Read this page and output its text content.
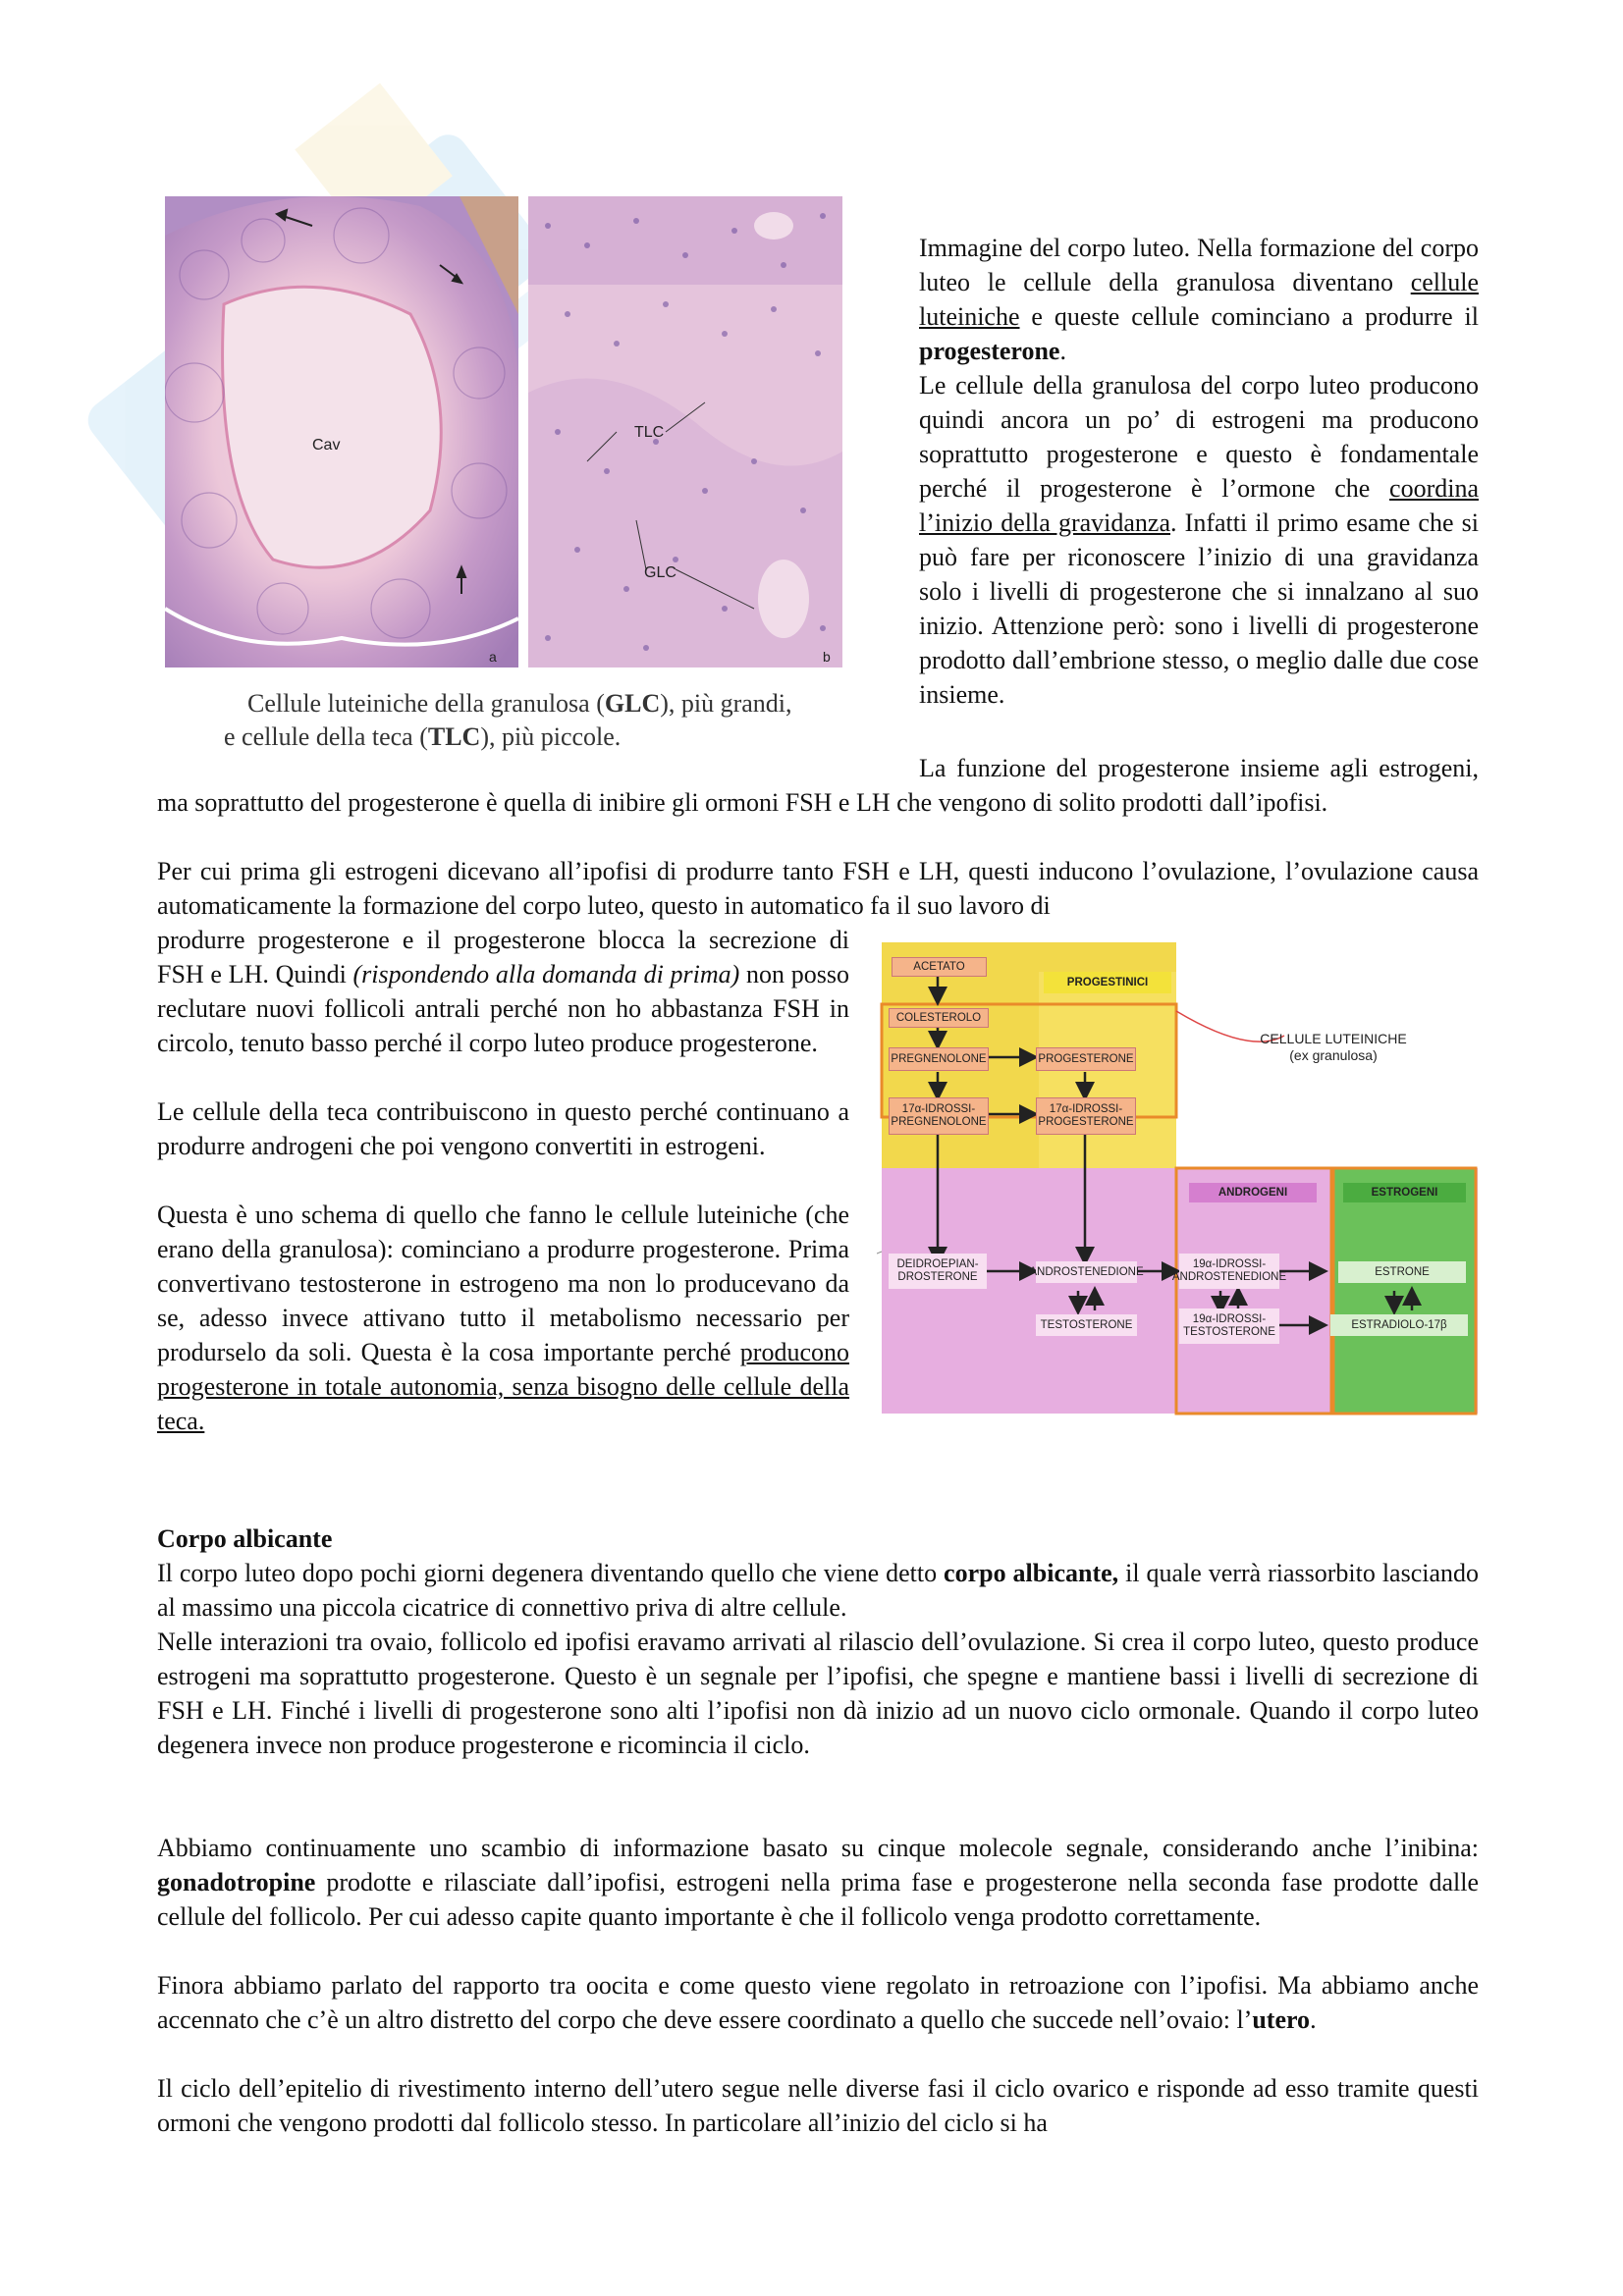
Cav
a
TLC
GLC
b
Cellule luteiniche della granulosa (GLC), più grandi,
e cellule della teca (TLC), più piccole.

Immagine del corpo luteo. Nella formazione del corpo luteo le cellule della granulosa diventano cellule luteiniche e queste cellule cominciano a produrre il progesterone.

Le cellule della granulosa del corpo luteo producono quindi ancora un po’ di estrogeni ma producono soprattutto progesterone e questo è fondamentale perché il progesterone è l’ormone che coordina l’inizio della gravidanza. Infatti il primo esame che si può fare per riconoscere l’inizio di una gravidanza solo i livelli di progesterone che si innalzano al suo inizio. Attenzione però: sono i livelli di progesterone prodotto dall’embrione stesso, o meglio dalle due cose insieme.

La funzione del progesterone insieme agli estrogeni, ma soprattutto del progesterone è quella di inibire gli ormoni FSH e LH che vengono di solito prodotti dall’ipofisi.

Per cui prima gli estrogeni dicevano all’ipofisi di produrre tanto FSH e LH, questi inducono l’ovulazione, l’ovulazione causa automaticamente la formazione del corpo luteo, questo in automatico fa il suo lavoro di

produrre progesterone e il progesterone blocca la secrezione di FSH e LH. Quindi (rispondendo alla domanda di prima) non posso reclutare nuovi follicoli antrali perché non ho abbastanza FSH in circolo, tenuto basso perché il corpo luteo produce progesterone.

Le cellule della teca contribuiscono in questo perché continuano a produrre androgeni che poi vengono convertiti in estrogeni.

Questa è uno schema di quello che fanno le cellule luteiniche (che erano della granulosa): cominciano a produrre progesterone. Prima convertivano testosterone in estrogeno ma non lo producevano da se, adesso invece attivano tutto il metabolismo necessario per produrselo da soli. Questa è la cosa importante perché producono progesterone in totale autonomia, senza bisogno delle cellule della teca.

ACETATO
PROGESTINICI
COLESTEROLO
PREGNENOLONE	PROGESTERONE
17α-IDROSSI-
PREGNENOLONE
17α-IDROSSI-
PROGESTERONE
CELLULE LUTEINICHE
(ex granulosa)
ANDROGENI	ESTROGENI
DEIDROEPIAN-
DROSTERONE	ANDROSTENEDIONE
19α-IDROSSI-
ANDROSTENEDIONE	ESTRONE
TESTOSTERONE	19α-IDROSSI-
TESTOSTERONE
ESTRADIOLO-17β
Corpo albicante

Il corpo luteo dopo pochi giorni degenera diventando quello che viene detto corpo albicante, il quale verrà riassorbito lasciando al massimo una piccola cicatrice di connettivo priva di altre cellule.

Nelle interazioni tra ovaio, follicolo ed ipofisi eravamo arrivati al rilascio dell’ovulazione. Si crea il corpo luteo, questo produce estrogeni ma soprattutto progesterone. Questo è un segnale per l’ipofisi, che spegne e mantiene bassi i livelli di secrezione di FSH e LH. Finché i livelli di progesterone sono alti l’ipofisi non dà inizio ad un nuovo ciclo ormonale. Quando il corpo luteo degenera invece non produce progesterone e ricomincia il ciclo.

Abbiamo continuamente uno scambio di informazione basato su cinque molecole segnale, considerando anche l’inibina: gonadotropine prodotte e rilasciate dall’ipofisi, estrogeni nella prima fase e progesterone nella seconda fase prodotte dalle cellule del follicolo. Per cui adesso capite quanto importante è che il follicolo venga prodotto correttamente.

Finora abbiamo parlato del rapporto tra oocita e come questo viene regolato in retroazione con l’ipofisi. Ma abbiamo anche accennato che c’è un altro distretto del corpo che deve essere coordinato a quello che succede nell’ovaio: l’utero.

Il ciclo dell’epitelio di rivestimento interno dell’utero segue nelle diverse fasi il ciclo ovarico e risponde ad esso tramite questi ormoni che vengono prodotti dal follicolo stesso. In particolare all’inizio del ciclo si ha
